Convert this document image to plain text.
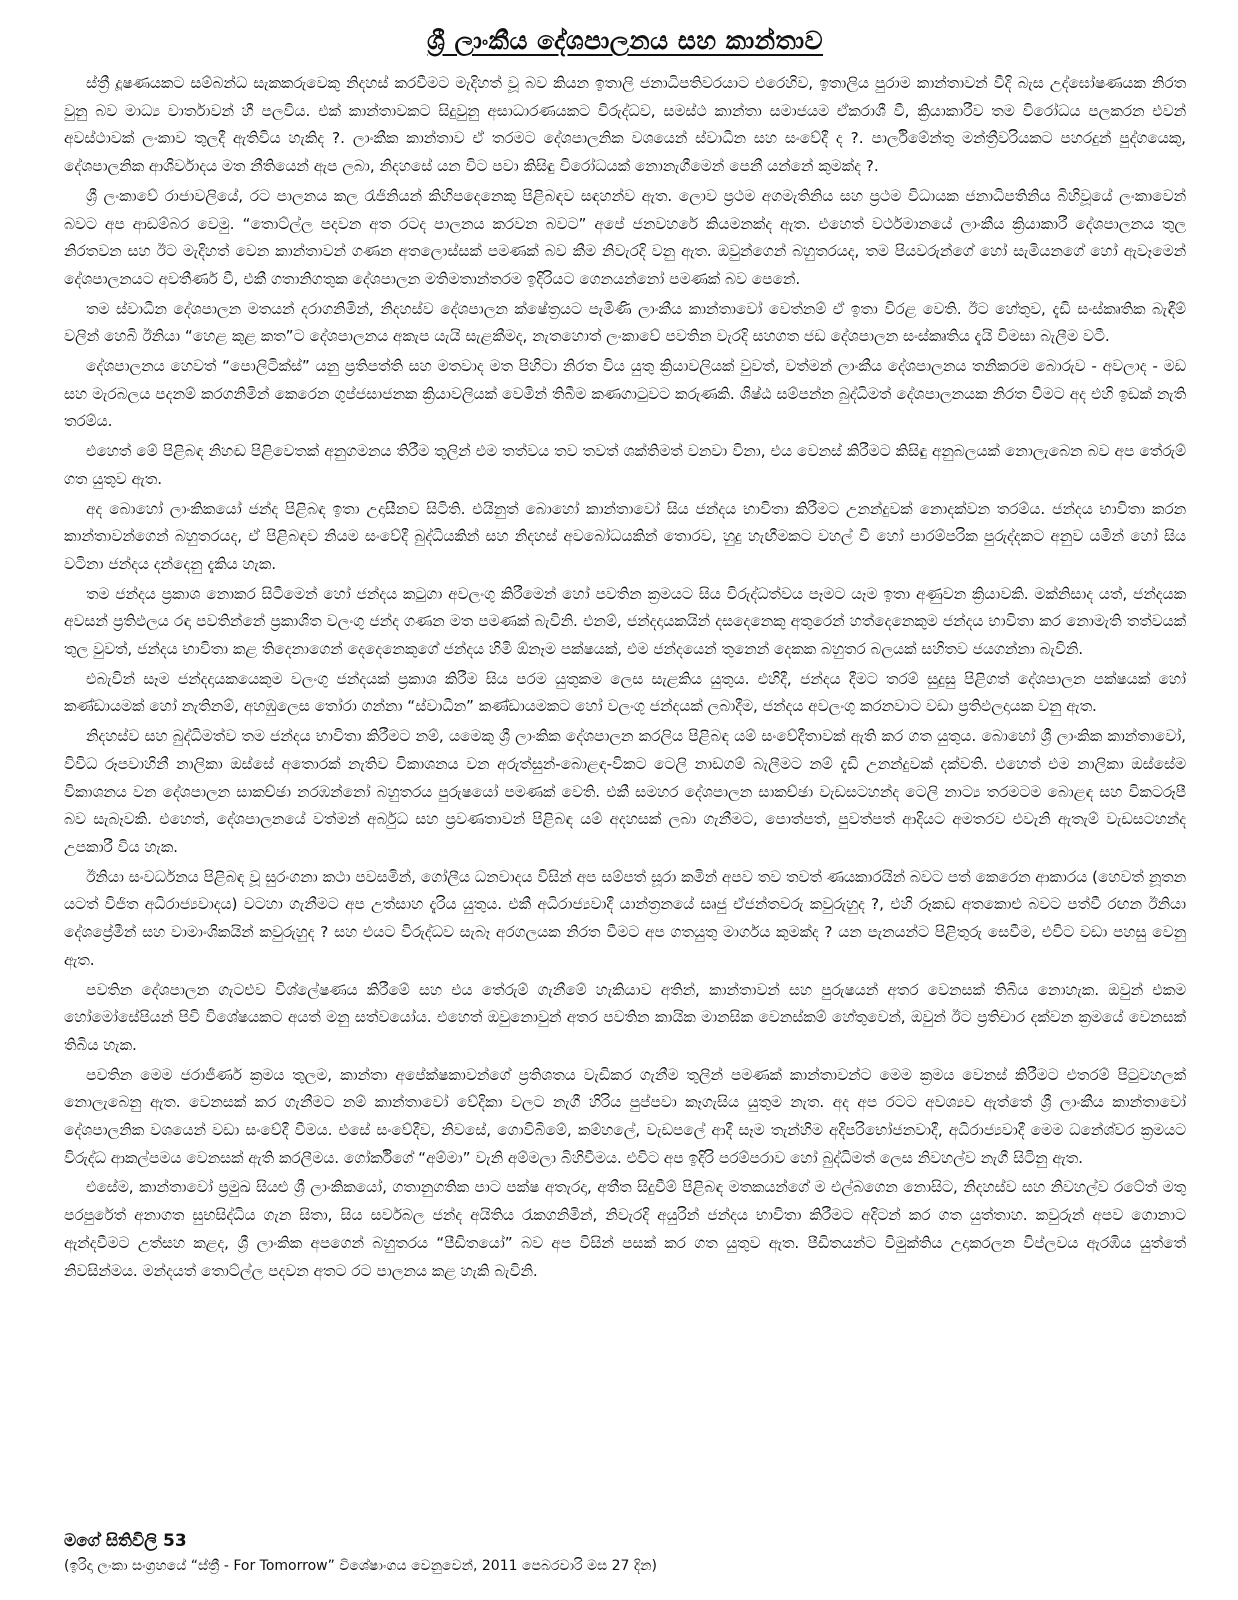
ශ්‍රී ලාංකීය දේශපාලනය සහ කාන්තාව

ස්ත්‍රී දූෂණයකට සම්බන්ධ සැකකරුවෙකු නිදහස් කරවීමට මැදිහත් වූ බව කියන ඉතාලි ජනාධිපතිවරයාට එරෙහිව, ඉතාලිය පුරාම කාන්තාවන් වීදි බැස උද්ඝෝෂණයක නිරත වුනු බව මාධ්‍ය වාර්තාවන් හී පලවිය. එක් කාන්තාවකට සිදුවුනු අසාධාරණයකට විරුද්ධව, සමස්ථ කාන්තා සමාජයම ඒකරාශී වී, ක්‍රියාකාරීව තම විරෝධය පලකරන එවන් අවස්ථාවක් ලංකාව තුලදී ඇතිවිය හැකිද ?. ලාංකීක කාන්තාව ඒ තරමට දේශපාලනික වශයෙන් ස්වාධීන සහ සංවේදී ද ?. පාර්ලිමේන්තු මන්ත්‍රීවරියකට පහරදුන් පුද්ගයෙකු, දේශපාලනික ආශිර්වාදය මත නීතියෙන් ඇප ලබා, නිදහසේ යන විට පවා කිසිඳු විරෝධයක් නොනැගීමෙන් පෙනී යන්නේ කුමක්ද ?.

ශ්‍රී ලංකාවේ රාජාවලියේ, රට පාලනය කල රැජිනියන් කිහිපදෙනෙකු පිළිබඳව සඳහන්ව ඇත. ලොව ප්‍රථම අගමැතිනිය සහ ප්‍රථම විධායක ජනාධිපතිනිය බිහිවූයේ ලංකාවෙන් බවට අප ආඩම්බර වෙමු. “තොට්ල්ල පදවන අත රටද පාලනය කරවන බවට” අපේ ජනවහරේ කියමනක්ද ඇත. එහෙත් වර්ථමානයේ ලාංකීය ක්‍රියාකාරී දේශපාලනය තුල නිරතවන සහ ඊට මැදිහත් වෙන කාන්තාවන් ගණන අතලොස්සක් පමණක් බව කීම නිවැරදි වනු ඇත. ඔවුන්ගෙන් බහුතරයද, තම පියවරුන්ගේ හෝ සැමියනගේ හෝ ඇවෑමෙන් දේශපාලනයට අවතීර්ණ වී, එකී ගතානිගතුක දේශපාලන මතිමතාන්තරම ඉදිරියට ගෙනයන්නෝ පමණක් බව පෙනේ.

තම ස්වාධීන දේශපාලන මතයන් දරාගනිමින්, නිදහස්ව දේශපාලන ක්ෂේත්‍රයට පැමිණි ලාංකීය කාන්තාවෝ වෙත්නම් ඒ ඉතා විරළ වෙති. ඊට හේතුව, දැඩි සංස්කෘතික බැඳීම් වලින් හෙබි ඊනියා “හෙළ කුළ කත”ට දේශපාලනය අකැප යැයි සැළකීමද, නැතහොත් ලංකාවේ පවතින වැරදි සහගත ජඩ දේශපාලන සංස්කෘතිය දැයි විමසා බැලීම වටී.

දේශපාලනය හෙවත් “පොලිටික්ස්” යනු ප්‍රතිපත්ති සහ මතවාද මත පිහිටා නිරත විය යුතු ක්‍රියාවලියක් වුවත්, වත්මන් ලාංකීය දේශපාලනය තනිකරම බොරුව - අවලාද - මඩ සහ මැරබලය පදනම් කරගනිමින් කෙරෙන ගුප්ජසාජනක ක්‍රියාවලියක් වෙමින් තිබීම කණගාටුවට කරුණකි. ශිෂ්ඨ සම්පන්න බුද්ධිමත් දේශපාලනයක නිරත වීමට අද එහි ඉඩක් නැති තරම්ය.

එහෙත් මේ පිළිබඳ නිහඬ පිළිවෙතක් අනුගමනය තිරීම තුලින් එම තත්වය තව තවත් ශක්තිමත් වනවා විනා, එය වෙනස් කිරීමට කිසිඳු අනුබලයක් නොලැබෙන බව අප තේරුම් ගත යුතුව ඇත.

අද බොහෝ ලාංකිකයෝ ජන්ද පිළිබඳ ඉතා උදාසීනව සිටිති. එයිනුත් බොහෝ කාන්තාවෝ සිය ජන්දය භාවිතා කිරීමට උනන්දුවක් නොදක්වන තරම්ය. ජන්දය භාවිතා කරන කාන්තාවන්ගෙන් බහුතරයද, ඒ පිළිබඳව නියම සංවේදී බුද්ධියකින් සහ නිදහස් අවබෝධයකින් තොරව, හුදු හැඟීමකට වහල් වී හෝ පාරම්පරික පුරුද්දකට අනුව යමින් හෝ සිය වටිනා ජන්දය දන්දෙනු දැකිය හැක.

තම ජන්දය ප්‍රකාශ නොකර සිටීමෙන් හෝ ජන්දය කටුගා අවලංගු කිරීමෙන් හෝ පවතින ක්‍රමයට සිය විරුද්ධත්වය පෑමට යෑම ඉතා අණුවන ක්‍රියාවකි. මක්නිසාද යත්, ජන්දයක අවසන් ප්‍රතිඵලය රඳා පවතින්නේ ප්‍රකාශිත වලංගු ජන්ද ගණන මත පමණක් බැවිනි. එනම්, ජන්දදායකයින් දසදෙනෙකු අතුරෙන් හත්දෙනෙකුම ජන්දය භාවිතා කර නොමැති තත්වයක් තුල වුවත්, ජන්දය භාවිතා කළ තිදෙනාගෙන් දෙදෙනෙකුගේ ජන්දය හිමි ඕනෑම පක්ෂයක්, එම ජන්දයෙන් තුනෙන් දෙකක බහුතර බලයක් සහිතව ජයගන්නා බැවිනි.

එබැවින් සෑම ජන්දදායකයෙකුම වලංගු ජන්දයක් ප්‍රකාශ කිරීම සිය පරම යුතුකම ලෙස සැළකිය යුතුය. එහිදී, ජන්දය දීමට තරම් සුදුසු පිළිගත් දේශපාලන පක්ෂයක් හෝ කණ්ඩායමක් හෝ නැතිනම්, අහඹුලෙස තෝරා ගන්නා “ස්වාධීන” කණ්ඩායමකට හෝ වලංගු ජන්දයක් ලබාදීම, ජන්දය අවලංගු කරනවාට වඩා ප්‍රතිඵලදායක වනු ඇත.

නිදහස්ව සහ බුද්ධිමත්ව තම ජන්දය භාවිතා කිරීමට නම්, යමෙකු ශ්‍රී ලාංකික දේශපාලන කරලිය පිළිබඳ යම් සංවේදීතාවක් ඇති කර ගත යුතුය. බොහෝ ශ්‍රී ලාංකික කාන්තාවෝ, විවිධ රූපවාහිනී නාලිකා ඔස්සේ අතොරක් නැතිව විකාශනය වන අරුත්සුන්-බොළඳ-විකට ටෙලි නාඩගම් බැලීමට නම් දැඩි උනන්දුවක් දක්වති. එහෙත් එම නාලිකා ඔස්සේම විකාශනය වන දේශපාලන සාකච්ඡා නරඹන්නෝ බහුතරය පුරුෂයෝ පමණක් වෙති. එකී සමහර දේශපාලන සාකච්ඡා වැඩසටහන්ද ටෙලි නාට්‍ය තරමටම බොළඳ සහ විකටරූපී බව සැබෑවකි. එහෙත්, දේශපාලනයේ වත්මන් අර්බුධ සහ ප්‍රවණතාවන් පිළිබඳ යම් අදහසක් ලබා ගැනීමට, පොත්පත්, පුවත්පත් ආදියට අමතරව එවැනි ඇතැම් වැඩසටහන්ද උපකාරී විය හැක.

ඊනියා සංවර්ධනය පිළිබඳ වූ සුරංගනා කථා පවසමින්, ගෝලීය ධනවාදය විසින් අප සම්පත් සූරා කමින් අපව තව තවත් ණයකාරයින් බවට පත් කෙරෙන ආකාරය (හෙවත් නූතන යටත් විජිත අධිරාජ්‍යවාදය) වටහා ගැනීමට අප උත්සාහ දැරිය යුතුය. එකී අධිරාජ්‍යවාදී යාන්ත්‍රනයේ සෘජු ඒජන්තවරු කවුරුහුද ?, එහි රූකඩ අතකොළු බවට පත්වී රඟන ඊනියා දේශප්‍රේමීන් සහ වාමාංශිකයින් කවුරුහුද ? සහ එයට විරුද්ධව සැබෑ අරගලයක නිරත වීමට අප ගතයුතු මාර්ගය කුමක්ද ? යන පැනයන්ට පිළිතුරු සෙවීම, එවිට වඩා පහසු වෙනු ඇත.

පවතින දේශපාලන ගැටළුව විශ්ලේෂණය කිරීමේ සහ එය තේරුම් ගැනීමේ හැකියාව අතින්, කාන්තාවන් සහ පුරුෂයන් අතර වෙනසක් තිබිය නොහැක. ඔවුන් එකම හෝමෝසේපියන් පිවි විශේෂයකට අයත් මනු සත්වයෝය. එහෙත් ඔවුනොවුන් අතර පවතින කායික මානසික වෙනස්කම් හේතුවෙන්, ඔවුන් ඊට ප්‍රතිචාර දක්වන ක්‍රමයේ වෙනසක් තිබිය හැක.

පවතින මෙම ජරාජීර්ණ ක්‍රමය තුලම, කාන්තා අපේක්ෂකාවන්ගේ ප්‍රතිශතය වැඩිකර ගැනීම තුලින් පමණක් කාන්තාවන්ට මෙම ක්‍රමය වෙනස් කිරීමට එතරම් පිටුවහලක් නොලැබෙනු ඇත. වෙනසක් කර ගැනීමට නම් කාන්තාවෝ වේදිකා වලට නැගී හිරිය පුප්පවා කෑගැසිය යුතුම නැත. අද අප රටට අවශ්‍යව ඇත්තේ ශ්‍රී ලාංකීය කාන්තාවෝ දේශපාලනික වශයෙන් වඩා සංවේදී වීමය. එසේ සංවේදීව, නිවසේ, ගොවිබිමේ, කම්හලේ, වැඩපලේ ආදී සෑම තැන්හිම අදිපරිභෝජනවාදී, අධිරාජ්‍යවාදී මෙම ධනේශ්වර ක්‍රමයට විරුද්ධ ආකල්පමය වෙනසක් ඇති කරලීමය. ගෝර්කිගේ “අම්මා” වැනි අම්මලා බිහිවීමය. එවිට අප ඉදිරි පරම්පරාව හෝ බුද්ධිමත් ලෙස නිවහල්ව නැගී සිටිනු ඇත.

එසේම, කාන්තාවෝ ප්‍රමුඛ සියළු ශ්‍රී ලාංකිකයෝ, ගතානුගතික පාට පක්ෂ අතැරදා, අතීත සිදුවීම් පිළිබඳ මතකයන්ගේ ම එල්බගෙන නොසිට, නිදහස්ව සහ නිවහල්ව රටේත් මතු පරපුරේත් අනාගත සුභසිද්ධිය ගැන සිතා, සිය සර්වබල ජන්ද අයිතිය රැකගනිමින්, නිවැරදි අයුරින් ජන්දය භාවිතා කිරීමට අදිටන් කර ගත යුත්තාහ. කවුරුන් අපව ගොනාට ඇන්දවීමට උත්සහ කළද, ශ්‍රී ලාංකික අපගෙන් බහුතරය “පීඩිතයෝ” බව අප විසින් පසක් කර ගත යුතුව ඇත. පීඩිතයන්ට විමුක්තිය උදාකරලන විප්ලවය ඇරඹිය යුත්තේ නිවසින්මය. මන්දයත් තොට්ල්ල පදවන අතට රට පාලනය කළ හැකි බැවිනි.

මගේ සිතිවිලි 53
(ඉරිදා ලංකා සංග්‍රහයේ “ස්ත්‍රී - For Tomorrow” විශේෂාංගය වෙනුවෙන්, 2011 පෙබරවාරි මස 27 දින)
